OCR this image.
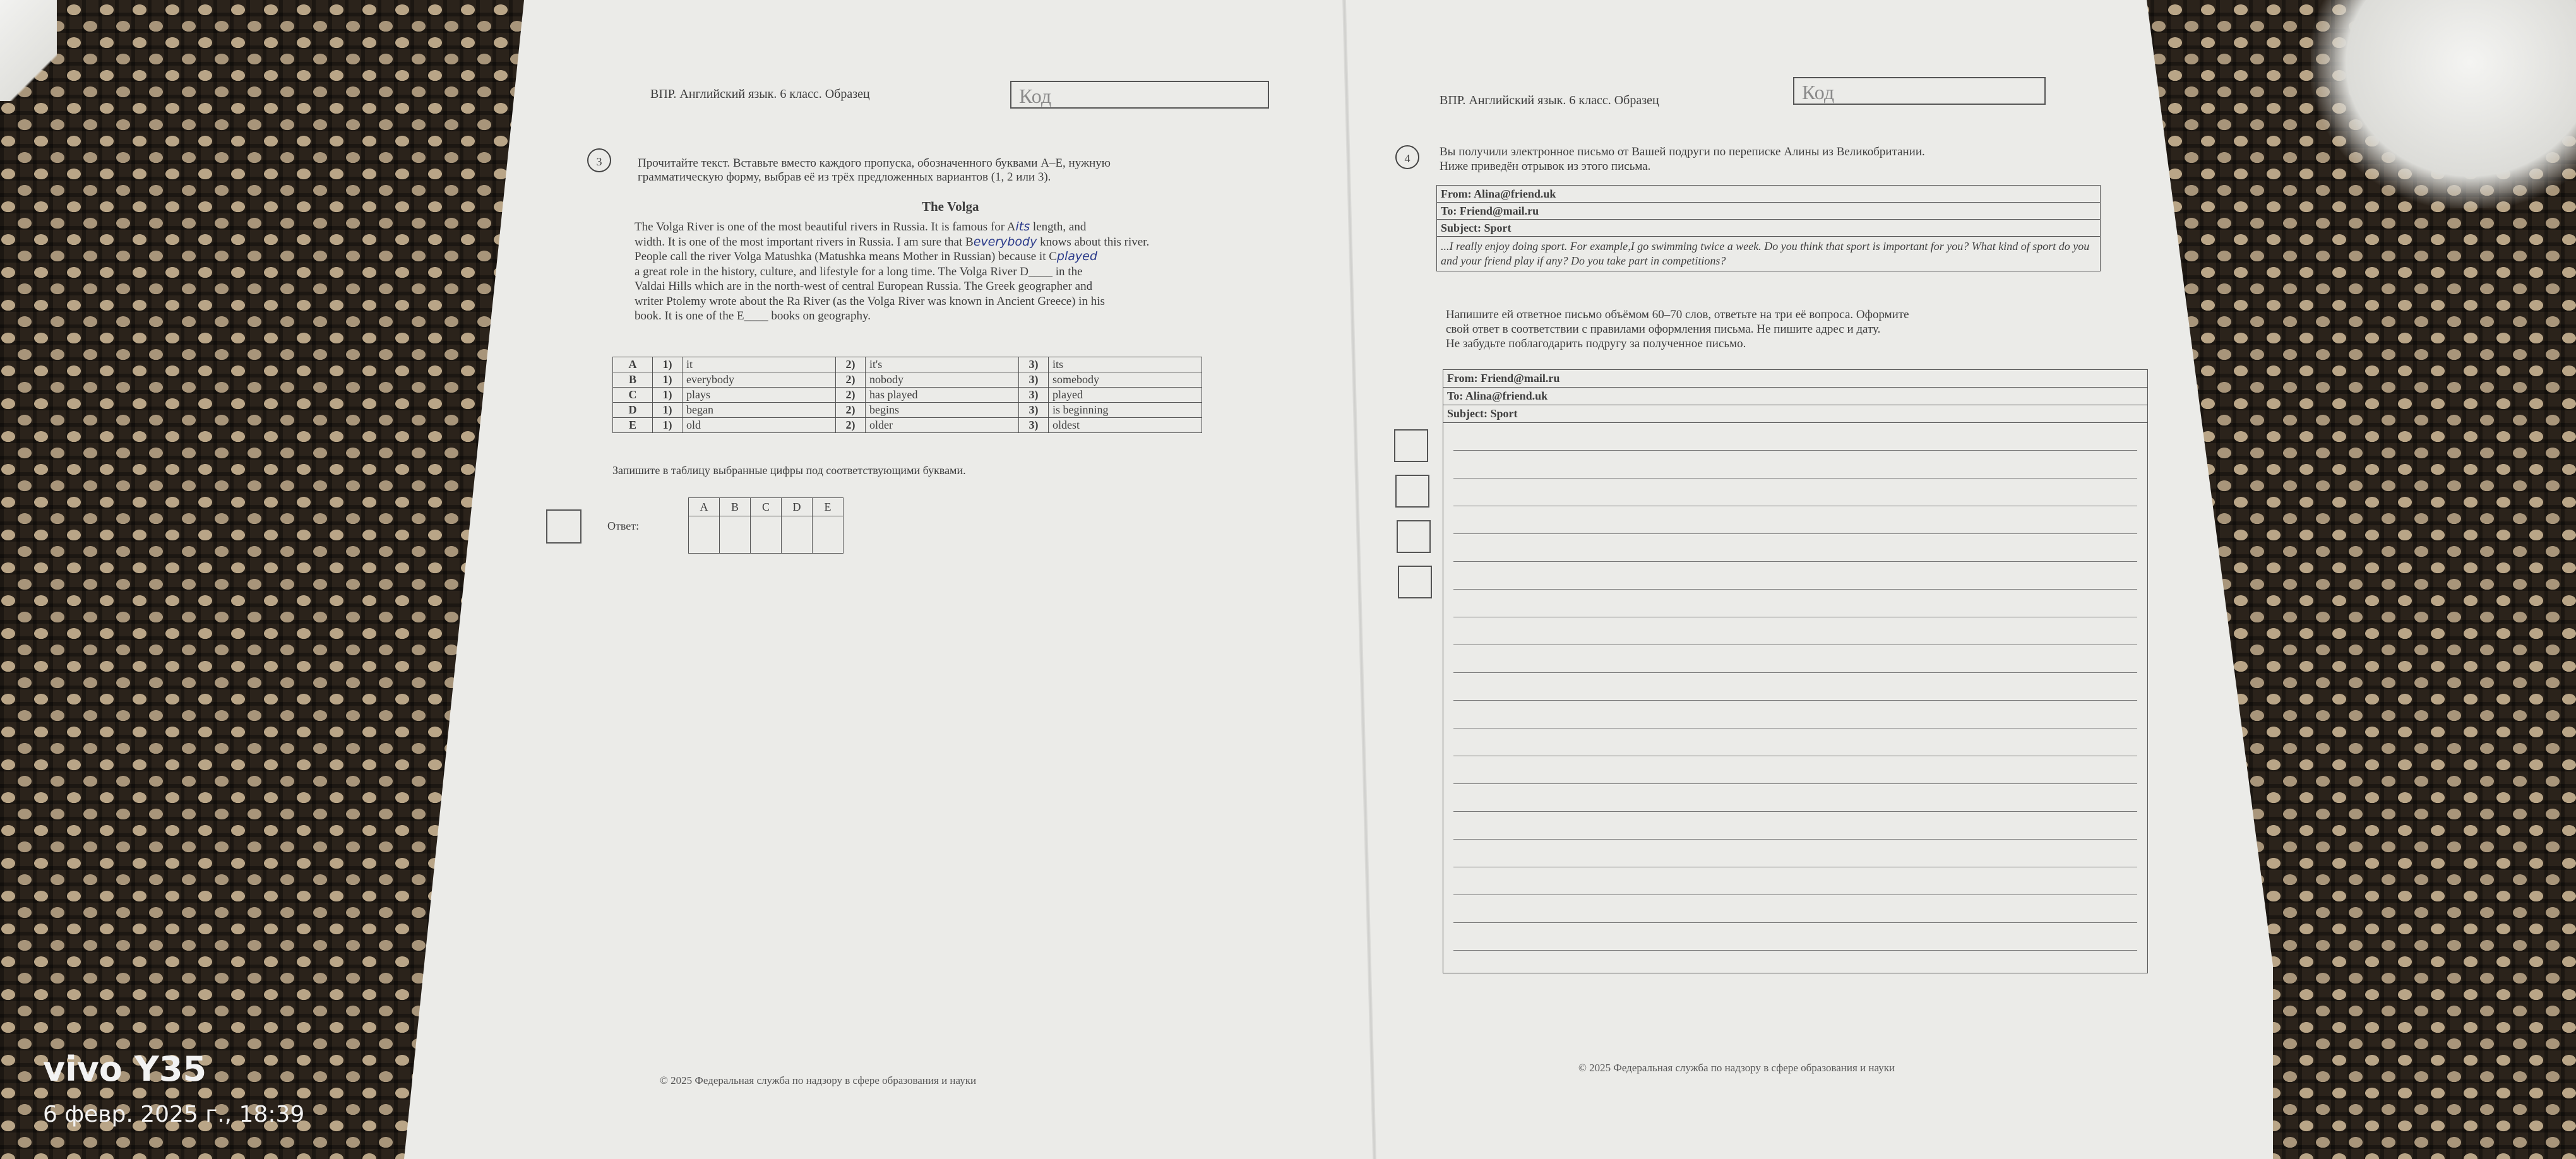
ВПР. Английский язык. 6 класс. Образец	Код
3	Прочитайте текст. Вставьте вместо каждого пропуска, обозначенного буквами A–E, нужную
грамматическую форму, выбрав её из трёх предложенных вариантов (1, 2 или 3).
The Volga
The Volga River is one of the most beautiful rivers in Russia. It is famous for Aits length, and
width. It is one of the most important rivers in Russia. I am sure that Beverybody knows about this river.
People call the river Volga Matushka (Matushka means Mother in Russian) because it Cplayed
a great role in the history, culture, and lifestyle for a long time. The Volga River D____ in the
Valdai Hills which are in the north-west of central European Russia. The Greek geographer and
writer Ptolemy wrote about the Ra River (as the Volga River was known in Ancient Greece) in his
book. It is one of the E____ books on geography.
A	1)	it	2)	it's	3)	its
B	1)	everybody	2)	nobody	3)	somebody
C	1)	plays	2)	has played	3)	played
D	1)	began	2)	begins	3)	is beginning
E	1)	old	2)	older	3)	oldest
Запишите в таблицу выбранные цифры под соответствующими буквами.
Ответ:
A	B	C	D	E

© 2025 Федеральная служба по надзору в сфере образования и науки
ВПР. Английский язык. 6 класс. Образец	Код
4	Вы получили электронное письмо от Вашей подруги по переписке Алины из Великобритании.
Ниже приведён отрывок из этого письма.
From: Alina@friend.uk
To: Friend@mail.ru
Subject: Sport
...I really enjoy doing sport. For example,I go swimming twice a week. Do you think that sport is important for you? What kind of sport do you and your friend play if any? Do you take part in competitions?
Напишите ей ответное письмо объёмом 60–70 слов, ответьте на три её вопроса. Оформите
свой ответ в соответствии с правилами оформления письма. Не пишите адрес и дату.
Не забудьте поблагодарить подругу за полученное письмо.
From: Friend@mail.ru
To: Alina@friend.uk
Subject: Sport
© 2025 Федеральная служба по надзору в сфере образования и науки
vivo Y35
6 февр. 2025 г., 18:39
